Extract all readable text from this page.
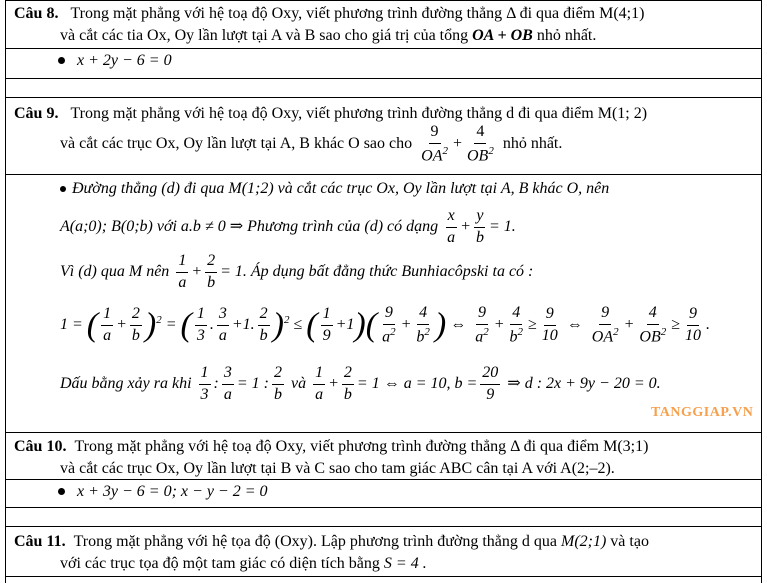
Câu 8. Trong mặt phẳng với hệ toạ độ Oxy, viết phương trình đường thẳng Δ đi qua điểm M(4;1)
và cắt các tia Ox, Oy lần lượt tại A và B sao cho giá trị của tổng OA + OB nhỏ nhất.
x + 2y − 6 = 0
Câu 9. Trong mặt phẳng với hệ toạ độ Oxy, viết phương trình đường thẳng d đi qua điểm M(1; 2)
và cắt các trục Ox, Oy lần lượt tại A, B khác O sao cho $\frac{9}{OA^2} + \frac{4}{OB^2}$ nhỏ nhất.
Đường thẳng (d) đi qua M(1;2) và cắt các trục Ox, Oy lần lượt tại A, B khác O, nên
A(a;0); B(0;b) với a.b ≠ 0 ⇒ Phương trình của (d) có dạng $\frac{x}{a} + \frac{y}{b} = 1$.
Vì (d) qua M nên $\frac{1}{a} + \frac{2}{b} = 1$. Áp dụng bất đẳng thức Bunhiacôpski ta có :
1 = ( $\frac{1}{a} + \frac{2}{b} )^2$ = ( $\frac{1}{3}$ . $\frac{3}{a} +1$. $\frac{2}{b} )^2$ ≤ ( $\frac{1}{9} +1)( \frac{9}{a^2} + \frac{4}{b^2}$ ) ⇔ $\frac{9}{a^2} + \frac{4}{b^2} \ge \frac{9}{10}$ ⇔ $\frac{9}{OA^2} + \frac{4}{OB^2} \ge \frac{9}{10}$ .
Dấu bằng xảy ra khi $\frac{1}{3}$ : $\frac{3}{a} = 1$ : $\frac{2}{b}$ và $\frac{1}{a} + \frac{2}{b} = 1$ ⇔ a = 10, $b = \frac{20}{9}$ ⇒ d : 2x + 9y − 20 = 0.
TANGGIAP.VN
Câu 10. Trong mặt phẳng với hệ toạ độ Oxy, viết phương trình đường thẳng Δ đi qua điểm M(3;1)
và cắt các trục Ox, Oy lần lượt tại B và C sao cho tam giác ABC cân tại A với A(2;–2).
x + 3y − 6 = 0; x − y − 2 = 0
Câu 11. Trong mặt phẳng với hệ tọa độ (Oxy). Lập phương trình đường thẳng d qua M(2;1) và tạo
với các trục tọa độ một tam giác có diện tích bằng S = 4 .
